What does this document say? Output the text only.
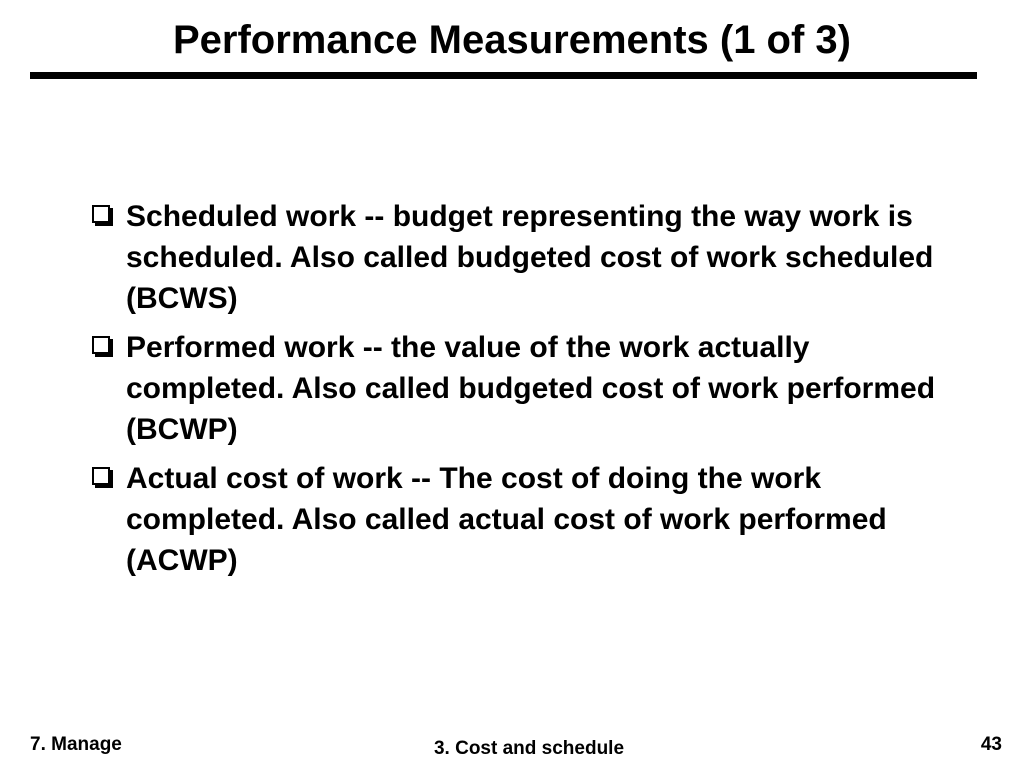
Performance Measurements (1 of 3)
Scheduled work -- budget representing the way work is scheduled. Also called budgeted cost of work scheduled (BCWS)
Performed work -- the value of the work actually completed. Also called budgeted cost of work performed (BCWP)
Actual cost of work -- The cost of doing the work completed. Also called actual cost of work performed (ACWP)
7. Manage	3. Cost and schedule	43
